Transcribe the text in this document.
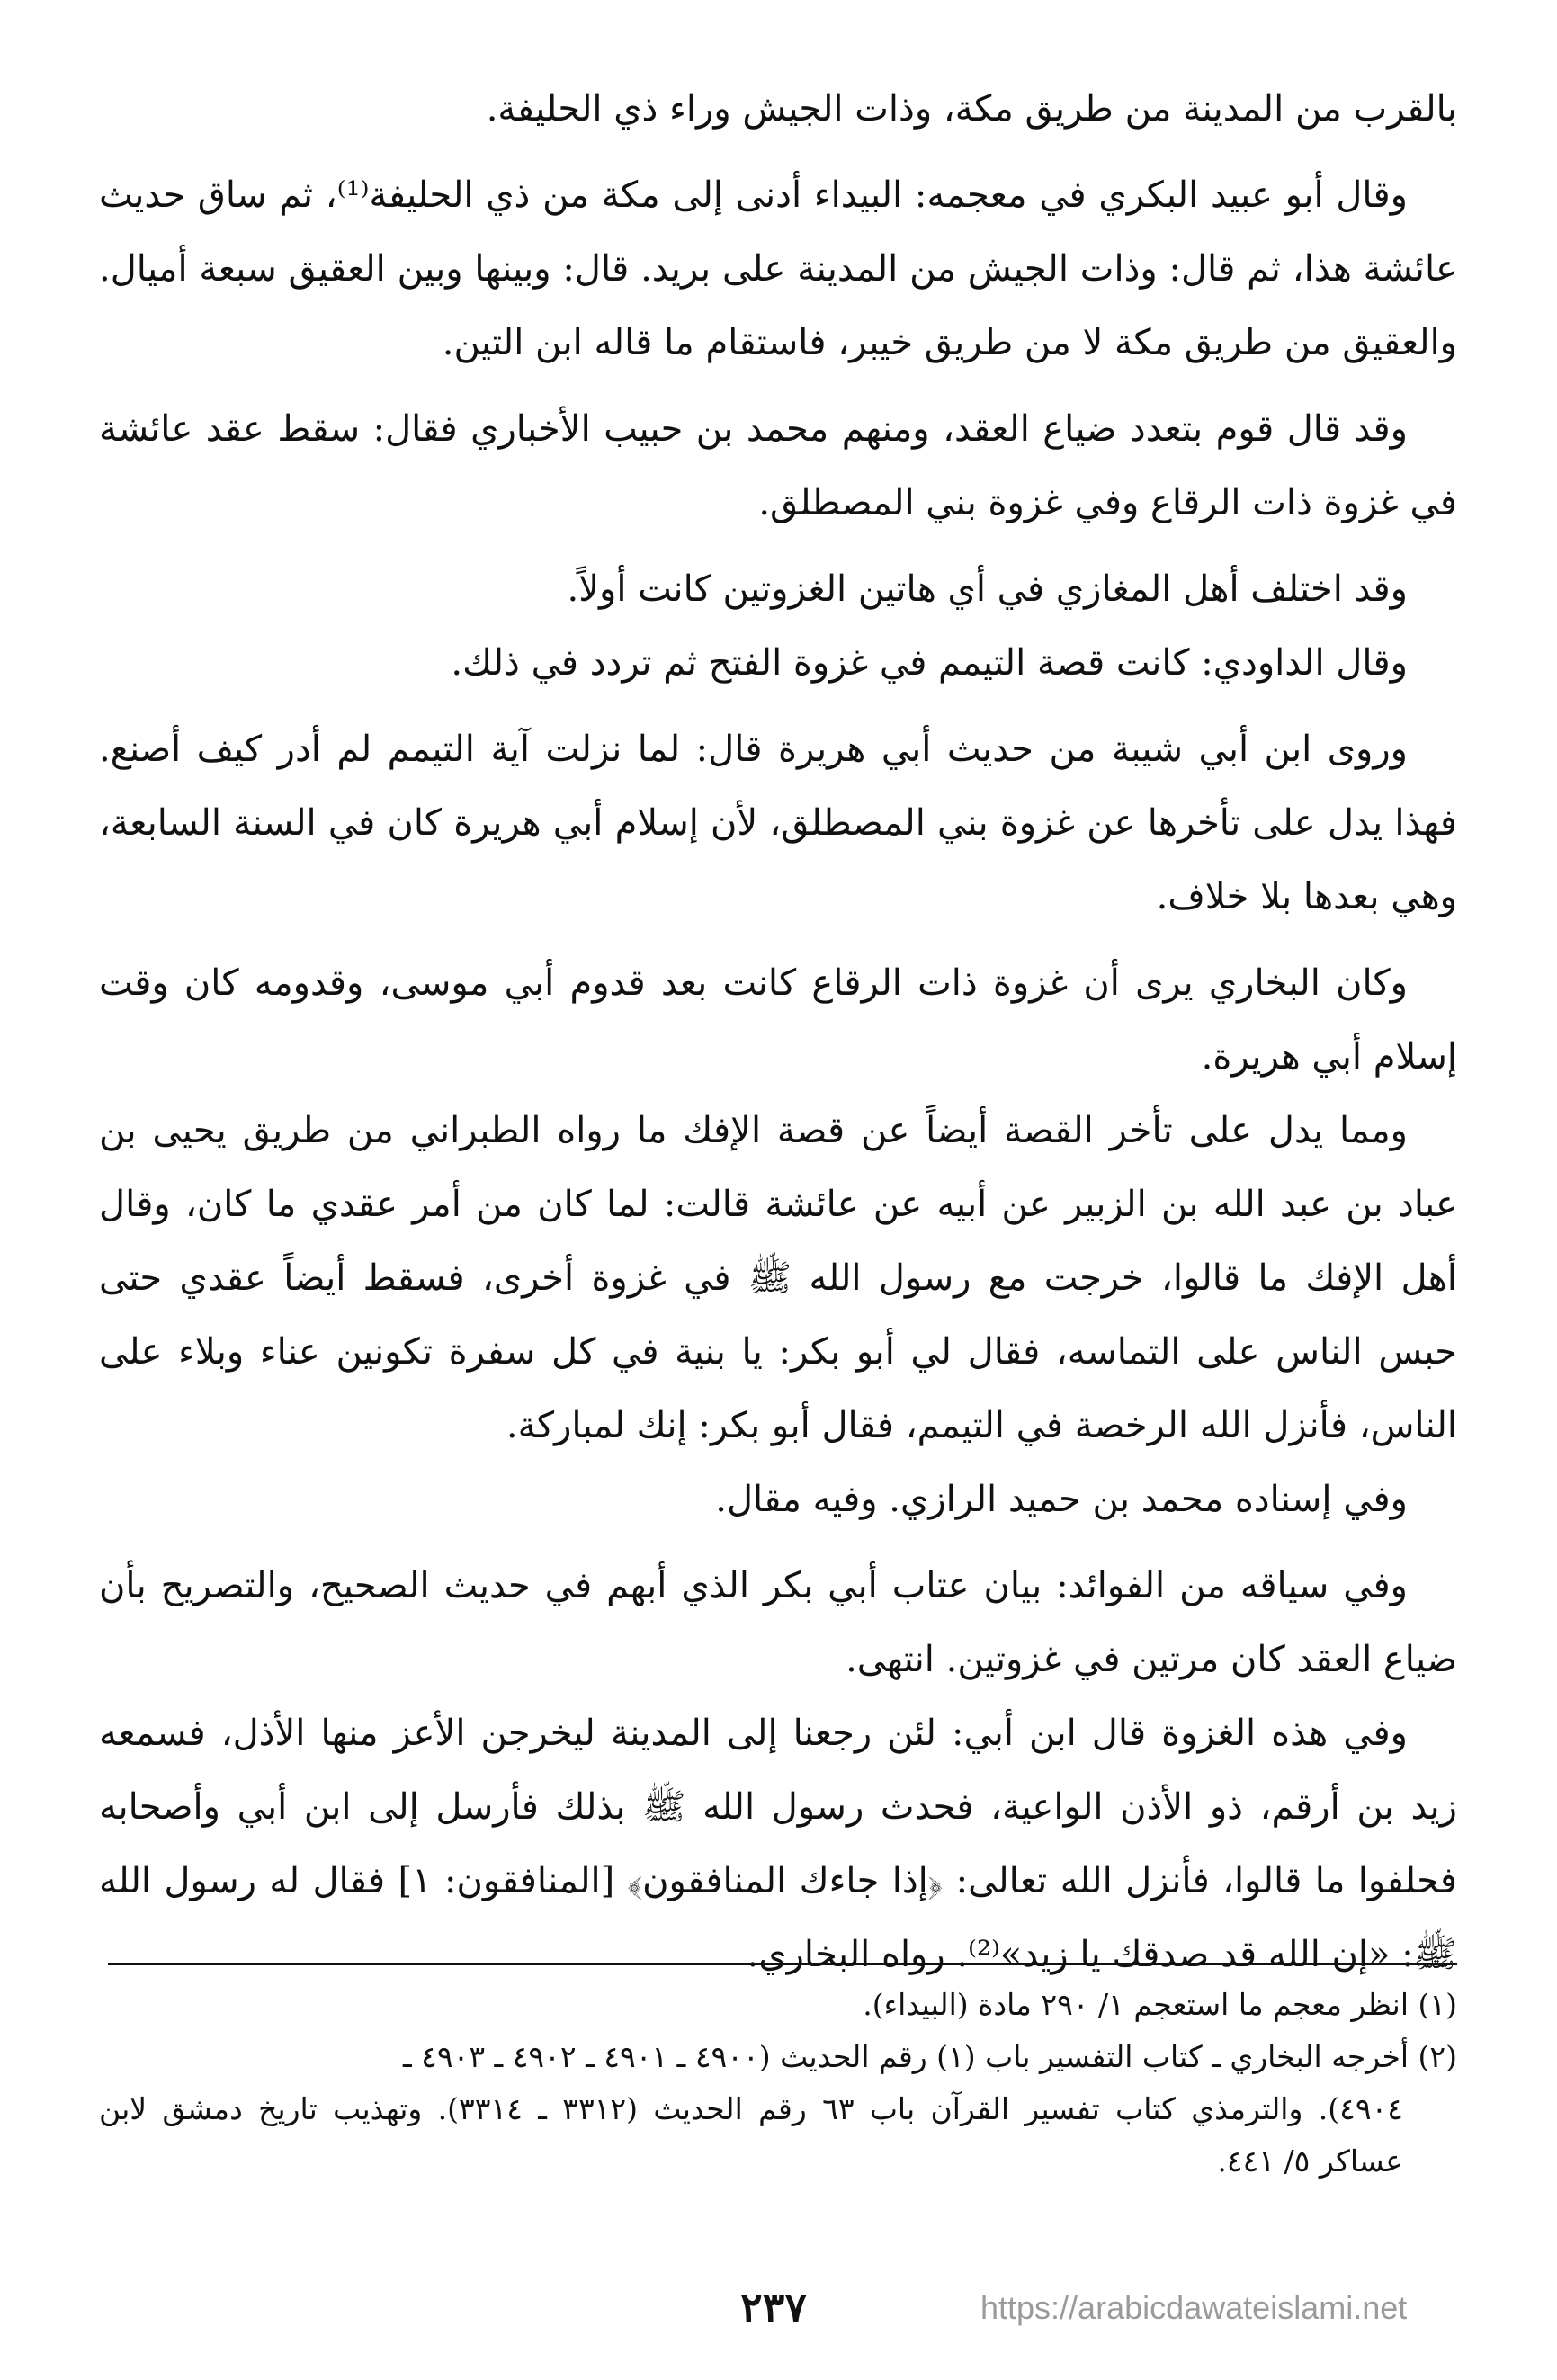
بالقرب من المدينة من طريق مكة، وذات الجيش وراء ذي الحليفة.

وقال أبو عبيد البكري في معجمه: البيداء أدنى إلى مكة من ذي الحليفة⁽¹⁾، ثم ساق حديث عائشة هذا، ثم قال: وذات الجيش من المدينة على بريد. قال: وبينها وبين العقيق سبعة أميال. والعقيق من طريق مكة لا من طريق خيبر، فاستقام ما قاله ابن التين.

وقد قال قوم بتعدد ضياع العقد، ومنهم محمد بن حبيب الأخباري فقال: سقط عقد عائشة في غزوة ذات الرقاع وفي غزوة بني المصطلق.

وقد اختلف أهل المغازي في أي هاتين الغزوتين كانت أولاً.

وقال الداودي: كانت قصة التيمم في غزوة الفتح ثم تردد في ذلك.

وروى ابن أبي شيبة من حديث أبي هريرة قال: لما نزلت آية التيمم لم أدر كيف أصنع. فهذا يدل على تأخرها عن غزوة بني المصطلق، لأن إسلام أبي هريرة كان في السنة السابعة، وهي بعدها بلا خلاف.

وكان البخاري يرى أن غزوة ذات الرقاع كانت بعد قدوم أبي موسى، وقدومه كان وقت إسلام أبي هريرة.

ومما يدل على تأخر القصة أيضاً عن قصة الإفك ما رواه الطبراني من طريق يحيى بن عباد بن عبد الله بن الزبير عن أبيه عن عائشة قالت: لما كان من أمر عقدي ما كان، وقال أهل الإفك ما قالوا، خرجت مع رسول الله ﷺ في غزوة أخرى، فسقط أيضاً عقدي حتى حبس الناس على التماسه، فقال لي أبو بكر: يا بنية في كل سفرة تكونين عناء وبلاء على الناس، فأنزل الله الرخصة في التيمم، فقال أبو بكر: إنك لمباركة.

وفي إسناده محمد بن حميد الرازي. وفيه مقال.

وفي سياقه من الفوائد: بيان عتاب أبي بكر الذي أبهم في حديث الصحيح، والتصريح بأن ضياع العقد كان مرتين في غزوتين. انتهى.

وفي هذه الغزوة قال ابن أبي: لئن رجعنا إلى المدينة ليخرجن الأعز منها الأذل، فسمعه زيد بن أرقم، ذو الأذن الواعية، فحدث رسول الله ﷺ بذلك فأرسل إلى ابن أبي وأصحابه فحلفوا ما قالوا، فأنزل الله تعالى: ﴿إذا جاءك المنافقون﴾ [المنافقون: ١] فقال له رسول الله ﷺ: «إن الله قد صدقك يا زيد»⁽²⁾. رواه البخاري.

(١) انظر معجم ما استعجم ١/ ٢٩٠ مادة (البيداء).

(٢) أخرجه البخاري ـ كتاب التفسير باب (١) رقم الحديث (٤٩٠٠ ـ ٤٩٠١ ـ ٤٩٠٢ ـ ٤٩٠٣ ـ
٤٩٠٤). والترمذي كتاب تفسير القرآن باب ٦٣ رقم الحديث (٣٣١٢ ـ ٣٣١٤). وتهذيب تاريخ دمشق لابن عساكر ٥/ ٤٤١.

٢٣٧	https://arabicdawateislami.net
